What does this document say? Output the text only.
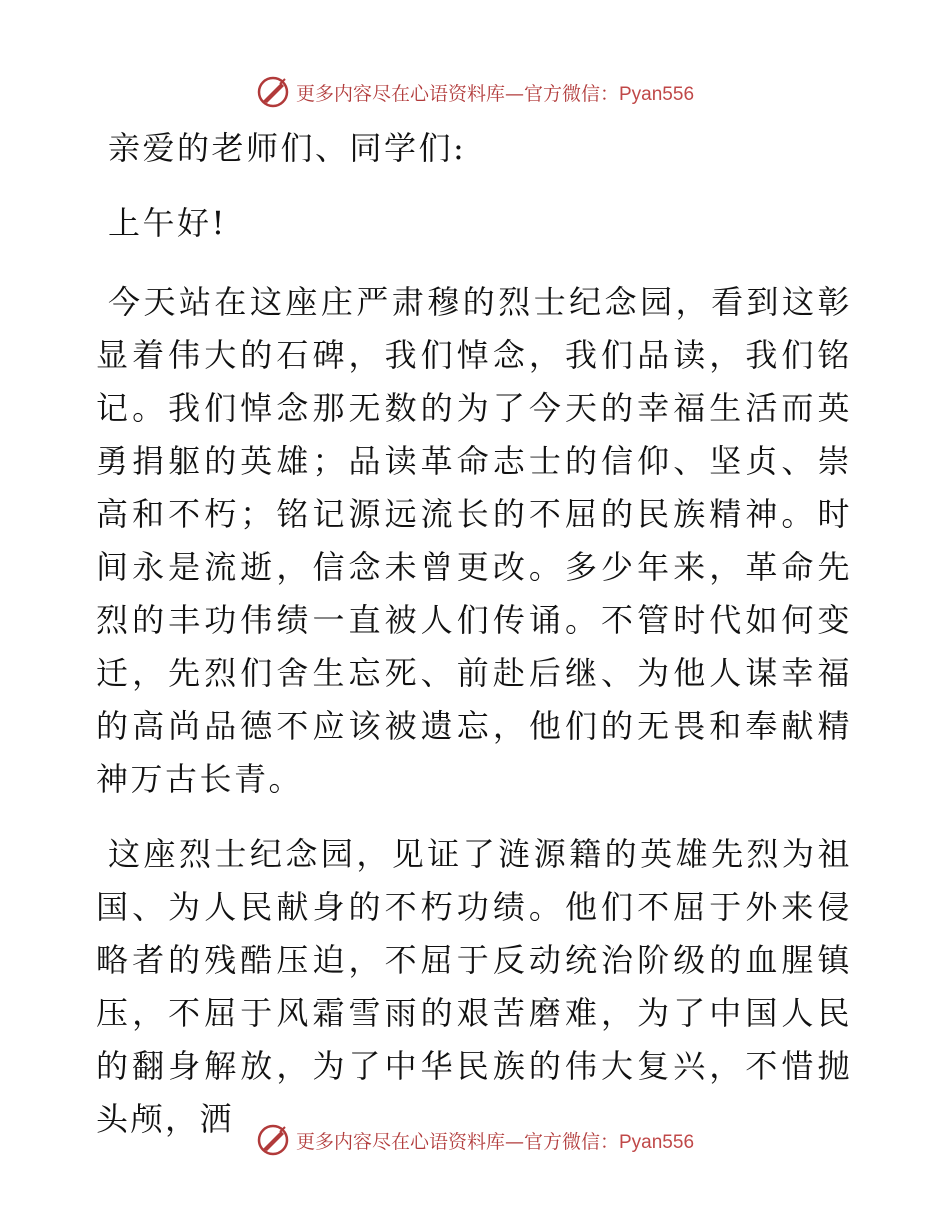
更多内容尽在心语资料库—官方微信：Pyan556

亲爱的老师们、同学们:

上午好!

今天站在这座庄严肃穆的烈士纪念园，看到这彰显着伟大的石碑，我们悼念，我们品读，我们铭记。我们悼念那无数的为了今天的幸福生活而英勇捐躯的英雄；品读革命志士的信仰、坚贞、崇高和不朽；铭记源远流长的不屈的民族精神。时间永是流逝，信念未曾更改。多少年来，革命先烈的丰功伟绩一直被人们传诵。不管时代如何变迁，先烈们舍生忘死、前赴后继、为他人谋幸福的高尚品德不应该被遗忘，他们的无畏和奉献精神万古长青。

这座烈士纪念园，见证了涟源籍的英雄先烈为祖国、为人民献身的不朽功绩。他们不屈于外来侵略者的残酷压迫，不屈于反动统治阶级的血腥镇压，不屈于风霜雪雨的艰苦磨难，为了中国人民的翻身解放，为了中华民族的伟大复兴，不惜抛头颅，洒

更多内容尽在心语资料库—官方微信：Pyan556
